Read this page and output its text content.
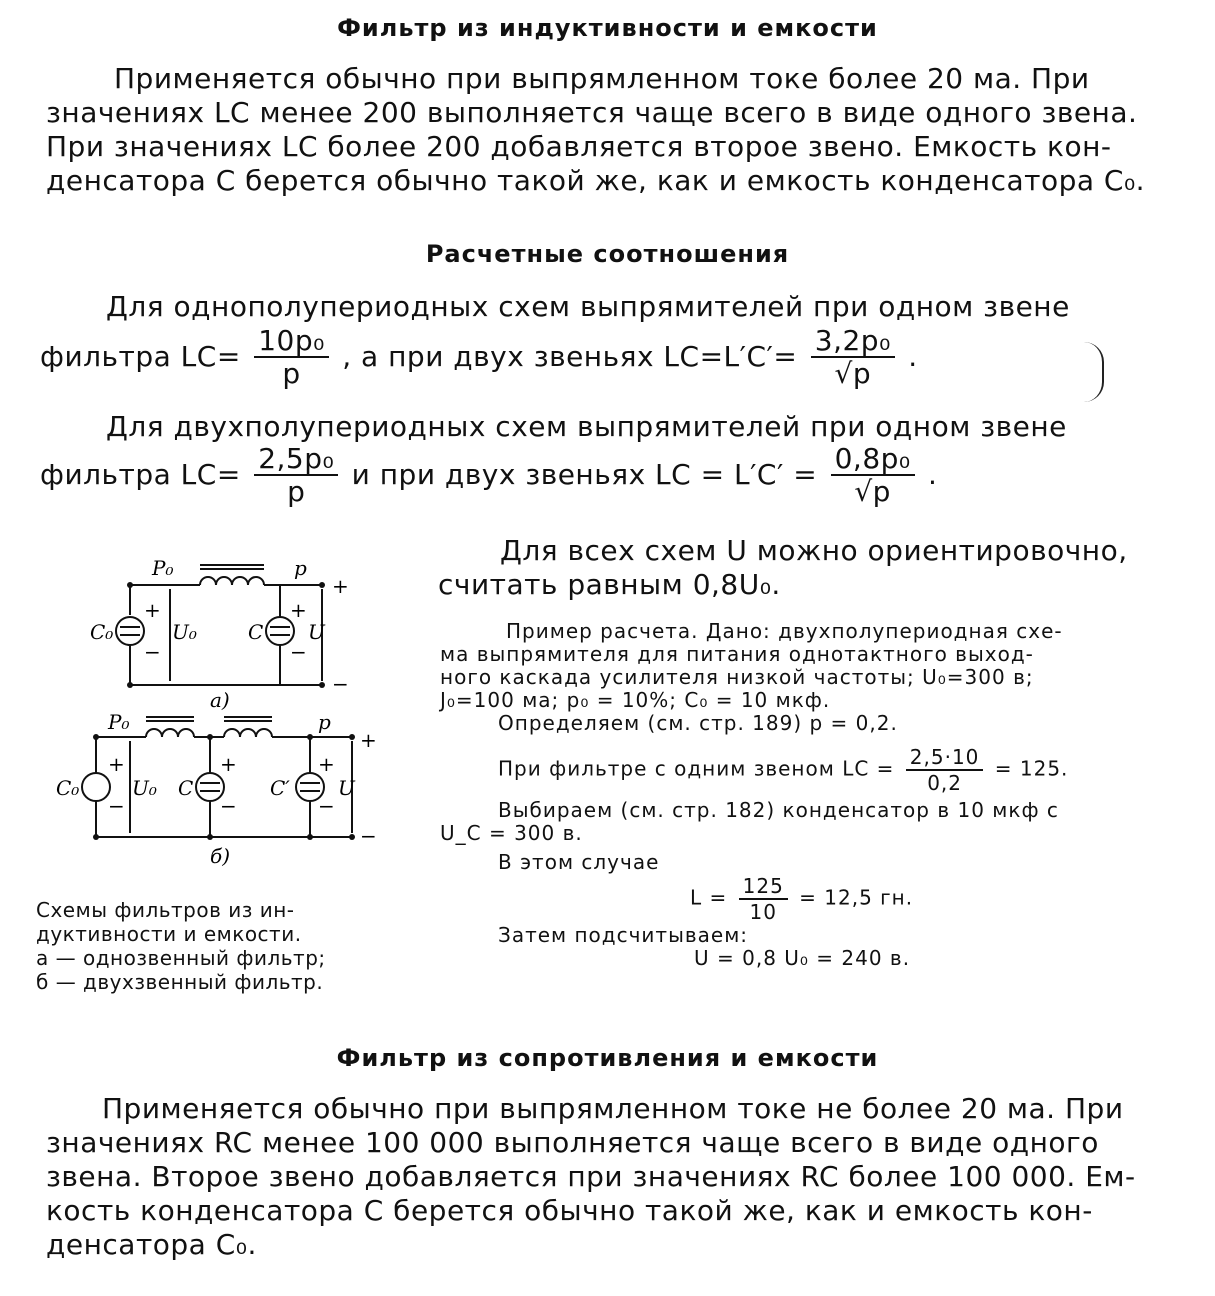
Фильтр из индуктивности и емкости
Применяется обычно при выпрямленном токе более 20 ма. При
значениях LC менее 200 выполняется чаще всего в виде одного звена.
При значениях LC более 200 добавляется второе звено. Емкость кон-
денсатора C берется обычно такой же, как и емкость конденсатора C₀.
Расчетные соотношения
Для однополупериодных схем выпрямителей при одном звене
фильтра $LC= \frac{\text{10p₀}}{p}$ , а при двух звеньях $LC=L'C'= \frac{\text{3,2p₀}}{√p}$ .
Для двухполупериодных схем выпрямителей при одном звене
фильтра $LC= \frac{\text{2,5p₀}}{p}$ и при двух звеньях LC = $L'C' = \frac{\text{0,8p₀}}{√p}$ .
Для всех схем U можно ориентировочно,
считать равным 0,8U₀.
Пример расчета. Дано: двухполупериодная схе-
ма выпрямителя для питания однотактного выход-
ного каскада усилителя низкой частоты; U₀=300 в;
J₀=100 ма; p₀ = 10%; C₀ = 10 мкф.
Определяем (см. стр. 189) p = 0,2.
При фильтре с одним звеном LC = $\frac{2,5\cdot 10}{0,2} = 125$.
Выбираем (см. стр. 182) конденсатор в 10 мкф с
U_C = 300 в.
В этом случае
$L = \frac{125}{10} = 12,5$ гн.
Затем подсчитываем:
U = 0,8 U₀ = 240 в.
P₀	p
+
−
C₀
+
−
U₀	C
+
−
U
а)
P₀	p
+
−
C₀
+
−
U₀ C
+
−
C′
+
−
U
б)
Схемы фильтров из ин-
дуктивности и емкости.
а — однозвенный фильтр;
б — двухзвенный фильтр.
Фильтр из сопротивления и емкости
Применяется обычно при выпрямленном токе не более 20 ма. При
значениях RC менее 100 000 выполняется чаще всего в виде одного
звена. Второе звено добавляется при значениях RC более 100 000. Ем-
кость конденсатора C берется обычно такой же, как и емкость кон-
денсатора C₀.
